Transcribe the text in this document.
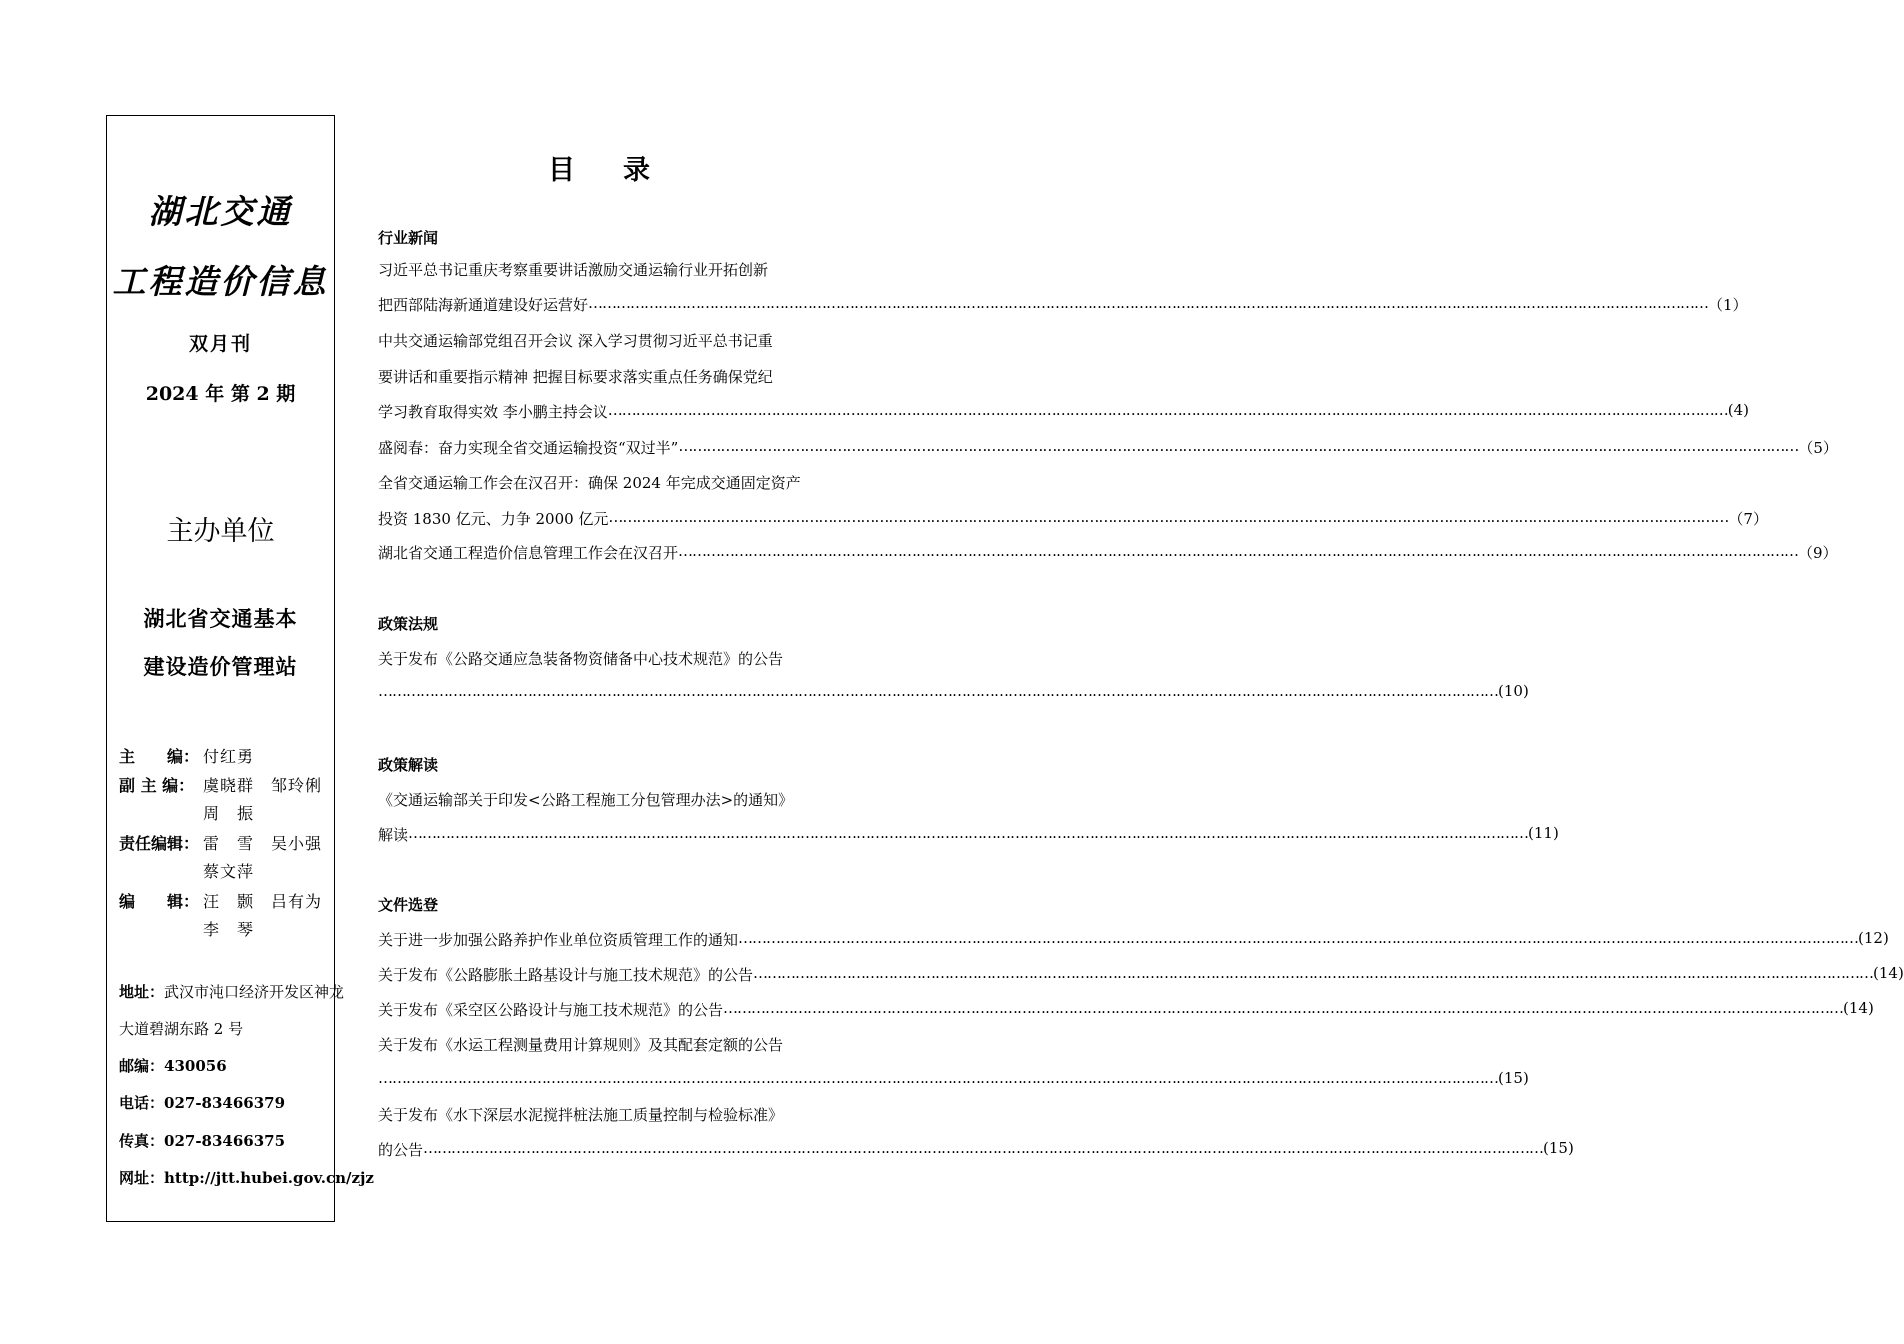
湖北交通
工程造价信息
双月刊
2024 年 第 2 期
主办单位
湖北省交通基本
建设造价管理站
主　　编： 付红勇
副 主 编： 虞晓群　邹玲俐
周　振
责任编辑： 雷　雪　吴小强
蔡文萍
编　　辑： 汪　颢　吕有为
李　琴
地址：武汉市沌口经济开发区神龙
大道碧湖东路 2 号
邮编：430056
电话：027-83466379
传真：027-83466375
网址：http://jtt.hubei.gov.cn/zjz
目录
行业新闻
习近平总书记重庆考察重要讲话激励交通运输行业开拓创新
把西部陆海新通道建设好运营好 …………………………………………………………………………………………………………………………………………………………………………………………………………………… （1）
中共交通运输部党组召开会议 深入学习贯彻习近平总书记重
要讲话和重要指示精神 把握目标要求落实重点任务确保党纪
学习教育取得实效 李小鹏主持会议 …………………………………………………………………………………………………………………………………………………………………………………………………………………… (4)
盛阅春：奋力实现全省交通运输投资“双过半” …………………………………………………………………………………………………………………………………………………………………………………………………………………… （5）
全省交通运输工作会在汉召开：确保 2024 年完成交通固定资产
投资 1830 亿元、力争 2000 亿元 …………………………………………………………………………………………………………………………………………………………………………………………………………………… （7）
湖北省交通工程造价信息管理工作会在汉召开 …………………………………………………………………………………………………………………………………………………………………………………………………………………… （9）
政策法规
关于发布《公路交通应急装备物资储备中心技术规范》的公告
…………………………………………………………………………………………………………………………………………………………………………………………………………………… (10)
政策解读
《交通运输部关于印发<公路工程施工分包管理办法>的通知》
解读 …………………………………………………………………………………………………………………………………………………………………………………………………………………… (11)
文件选登
关于进一步加强公路养护作业单位资质管理工作的通知 …………………………………………………………………………………………………………………………………………………………………………………………………………………… (12)
关于发布《公路膨胀土路基设计与施工技术规范》的公告 …………………………………………………………………………………………………………………………………………………………………………………………………………………… (14)
关于发布《采空区公路设计与施工技术规范》的公告 …………………………………………………………………………………………………………………………………………………………………………………………………………………… (14)
关于发布《水运工程测量费用计算规则》及其配套定额的公告
…………………………………………………………………………………………………………………………………………………………………………………………………………………… (15)
关于发布《水下深层水泥搅拌桩法施工质量控制与检验标准》
的公告 …………………………………………………………………………………………………………………………………………………………………………………………………………………… (15)
